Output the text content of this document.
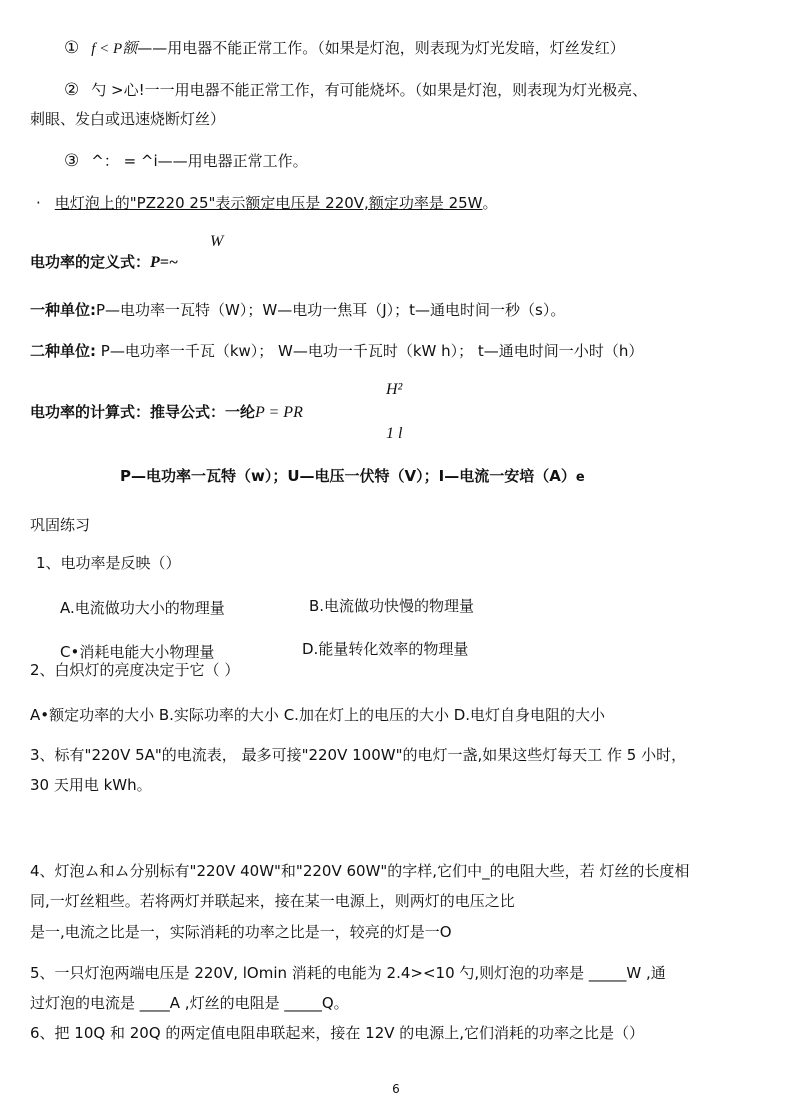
① f < P额——用电器不能正常工作。（如果是灯泡，则表现为灯光发暗，灯丝发红）
② 勺 >心!一一用电器不能正常工作，有可能烧坏。（如果是灯泡，则表现为灯光极亮、
刺眼、发白或迅速烧断灯丝）
③ ^： = ^i——用电器正常工作。
· 电灯泡上的"PZ220 25"表示额定电压是 220V,额定功率是 25W。
W
电功率的定义式：P=~
一种单位:P—电功率一瓦特（W）；W—电功一焦耳（J）；t—通电时间一秒（s）。
二种单位: P—电功率一千瓦（kw）； W—电功一千瓦时（kW h）； t—通电时间一小时（h）
H²
电功率的计算式：推导公式：一纶P = PR
1 l
P—电功率一瓦特（w）；U—电压一伏特（V）；I—电流一安培（A）e
巩固练习
1、电功率是反映（）
A.电流做功大小的物理量	B.电流做功快慢的物理量
C•消耗电能大小物理量	D.能量转化效率的物理量
2、白炽灯的亮度决定于它（ ）
A•额定功率的大小 B.实际功率的大小 C.加在灯上的电压的大小 D.电灯自身电阻的大小
3、标有"220V 5A"的电流表， 最多可接"220V 100W"的电灯一盏,如果这些灯每天工 作 5 小时，
30 天用电 kWh。
4、灯泡ム和ム分别标有"220V 40W"和"220V 60W"的字样,它们中_的电阻大些，若 灯丝的长度相
同,一灯丝粗些。若将两灯并联起来，接在某一电源上，则两灯的电压之比
是一,电流之比是一，实际消耗的功率之比是一，较亮的灯是一O
5、一只灯泡两端电压是 220V, lOmin 消耗的电能为 2.4><10 勺,则灯泡的功率是 _____W ,通
过灯泡的电流是 ____A ,灯丝的电阻是 _____Q。
6、把 10Q 和 20Q 的两定值电阻串联起来，接在 12V 的电源上,它们消耗的功率之比是（）
6
